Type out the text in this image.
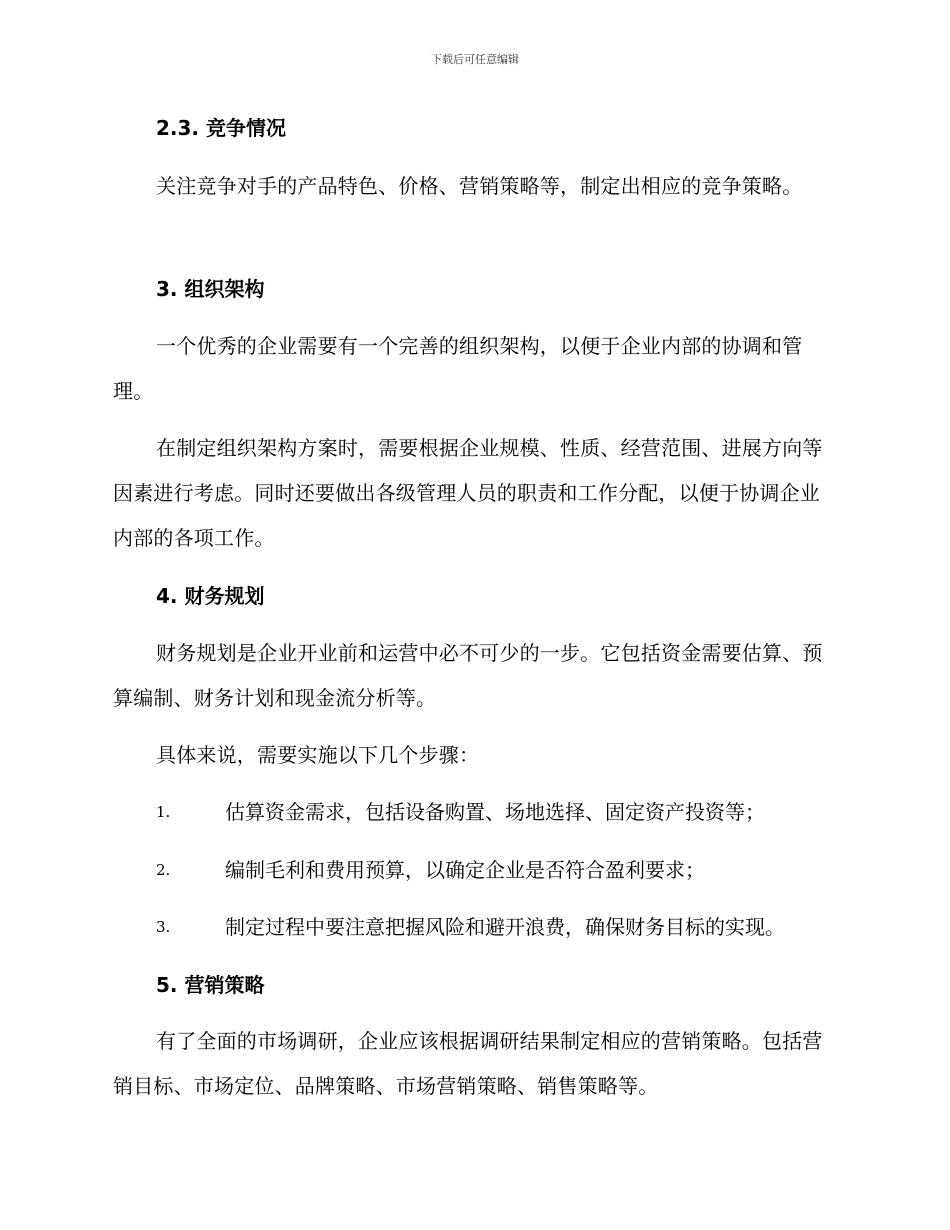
下载后可任意编辑
2.3. 竞争情况
关注竞争对手的产品特色、价格、营销策略等，制定出相应的竞争策略。
3. 组织架构
一个优秀的企业需要有一个完善的组织架构，以便于企业内部的协调和管理。
在制定组织架构方案时，需要根据企业规模、性质、经营范围、进展方向等因素进行考虑。同时还要做出各级管理人员的职责和工作分配，以便于协调企业内部的各项工作。
4. 财务规划
财务规划是企业开业前和运营中必不可少的一步。它包括资金需要估算、预算编制、财务计划和现金流分析等。
具体来说，需要实施以下几个步骤：
1.	估算资金需求，包括设备购置、场地选择、固定资产投资等；
2.	编制毛利和费用预算，以确定企业是否符合盈利要求；
3.	制定过程中要注意把握风险和避开浪费，确保财务目标的实现。
5. 营销策略
有了全面的市场调研，企业应该根据调研结果制定相应的营销策略。包括营销目标、市场定位、品牌策略、市场营销策略、销售策略等。
